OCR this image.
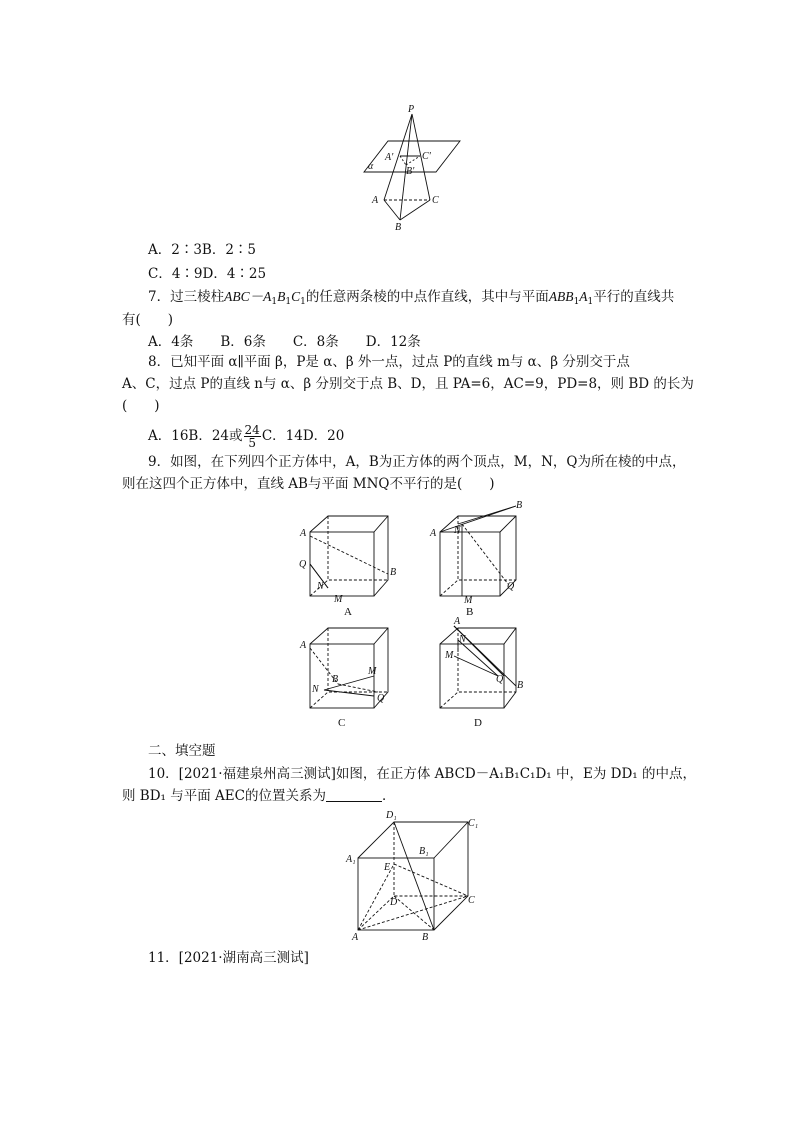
P
A'	C'
B'
α
A	C
B
A．2∶3B．2∶5
C．4∶9D．4∶25
7．过三棱柱$ABC-A_1B_1C_1$的任意两条棱的中点作直线，其中与平面$ABB_1A_1$平行的直线共
有(　　)
A．4条　　B．6条　　C．8条　　D．12条
8．已知平面 α∥平面 β，P是 α、β 外一点，过点 P的直线 m与 α、β 分别交于点
A、C，过点 P的直线 n与 α、β 分别交于点 B、D，且 PA=6，AC=9，PD=8，则 BD 的长为
(　　)
A．16B．24或 $\frac{24}{5}$ C．14D．20
9．如图，在下列四个正方体中，A，B为正方体的两个顶点，M，N，Q为所在棱的中点，
则在这四个正方体中，直线 AB与平面 MNQ不平行的是(　　)
A
B
Q
N
M
A
A
B
N
Q
M
B
A
B
M
N
Q
C
A
N
M
Q
B
D
二、填空题
10．[2021·福建泉州高三测试]如图，在正方体 ABCD－A₁B₁C₁D₁ 中，E为 DD₁ 的中点，
则 BD₁ 与平面 AEC的位置关系为	．
D₁
C₁
A₁
B₁
E
D	C
A	B
11．[2021·湖南高三测试]
